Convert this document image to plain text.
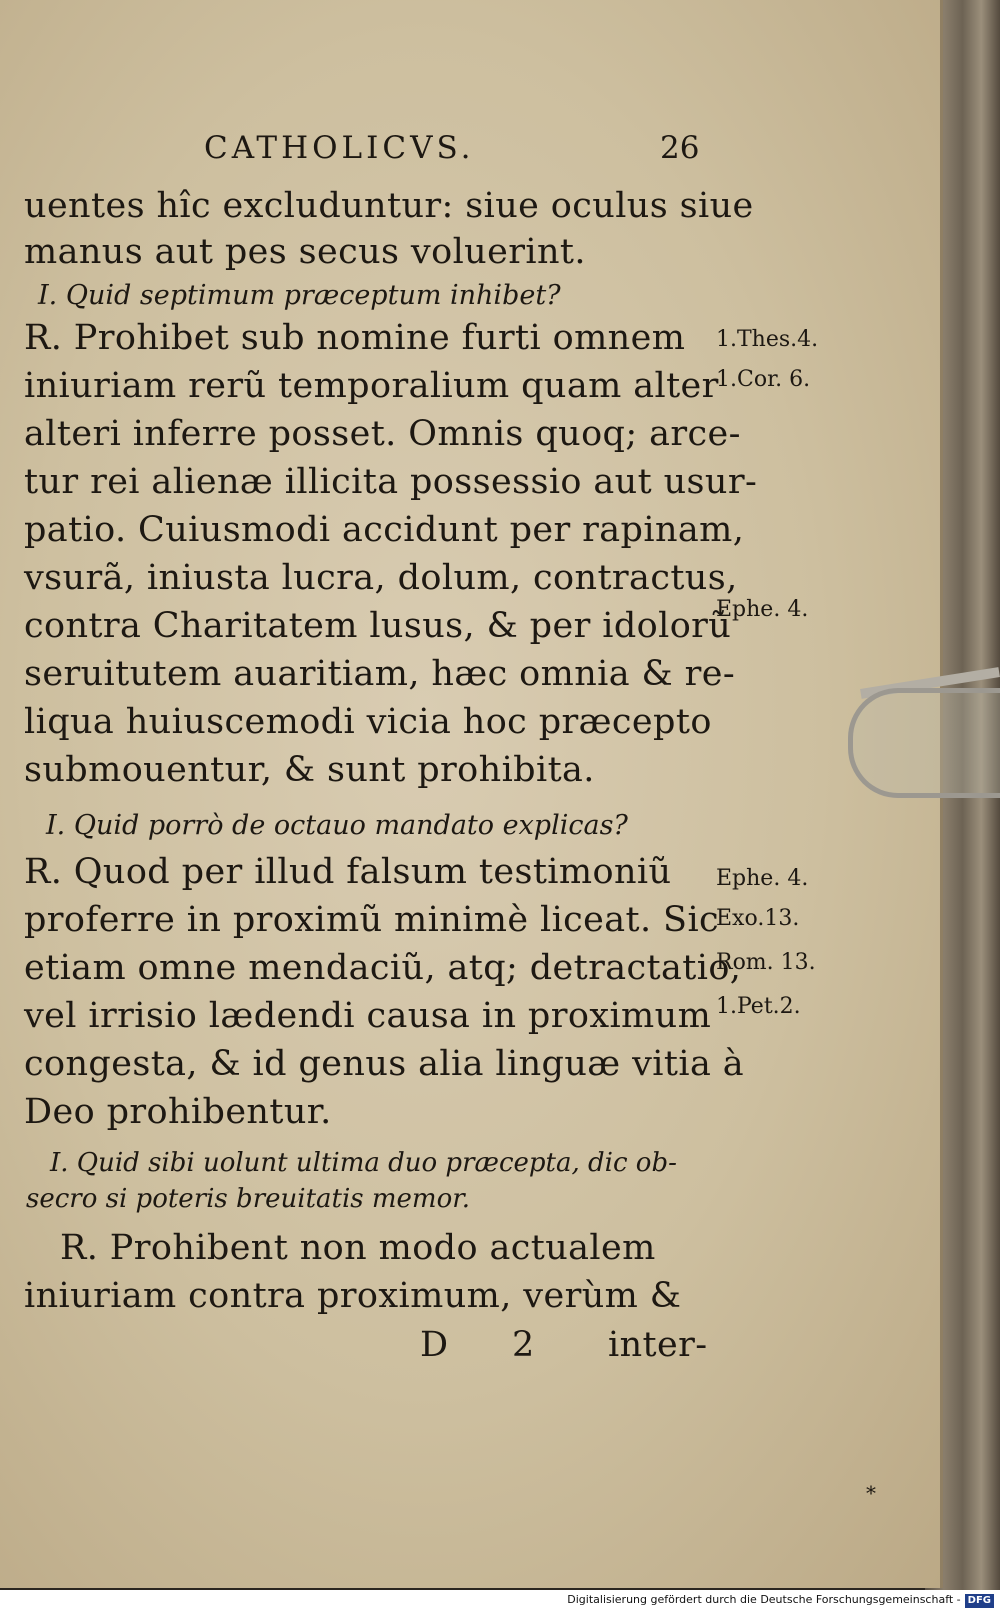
CATHOLICVS.	26
uentes hîc excluduntur: siue oculus siue
manus aut pes secus voluerint.
I. Quid septimum præceptum inhibet?
R. Prohibet sub nomine furti omnem
iniuriam rerũ temporalium quam alter
alteri inferre posset. Omnis quoq; arce-
tur rei alienæ illicita possessio aut usur-
patio. Cuiusmodi accidunt per rapinam,
vsurã, iniusta lucra, dolum, contractus,
contra Charitatem lusus, & per idolorũ
seruitutem auaritiam, hæc omnia & re-
liqua huiuscemodi vicia hoc præcepto
submouentur, & sunt prohibita.
I. Quid porrò de octauo mandato explicas?
R. Quod per illud falsum testimoniũ
proferre in proximũ minimè liceat. Sic
etiam omne mendaciũ, atq; detractatio,
vel irrisio lædendi causa in proximum
congesta, & id genus alia linguæ vitia à
Deo prohibentur.
I. Quid sibi uolunt ultima duo præcepta, dic ob-
secro si poteris breuitatis memor.
R. Prohibent non modo actualem
iniuriam contra proximum, verùm &
D 2 inter-
1.Thes.4.
1.Cor. 6.
Ephe. 4.
Ephe. 4.
Exo.13.
Rom. 13.
1.Pet.2.
*
Digitalisierung gefördert durch die Deutsche Forschungsgemeinschaft - DFG
